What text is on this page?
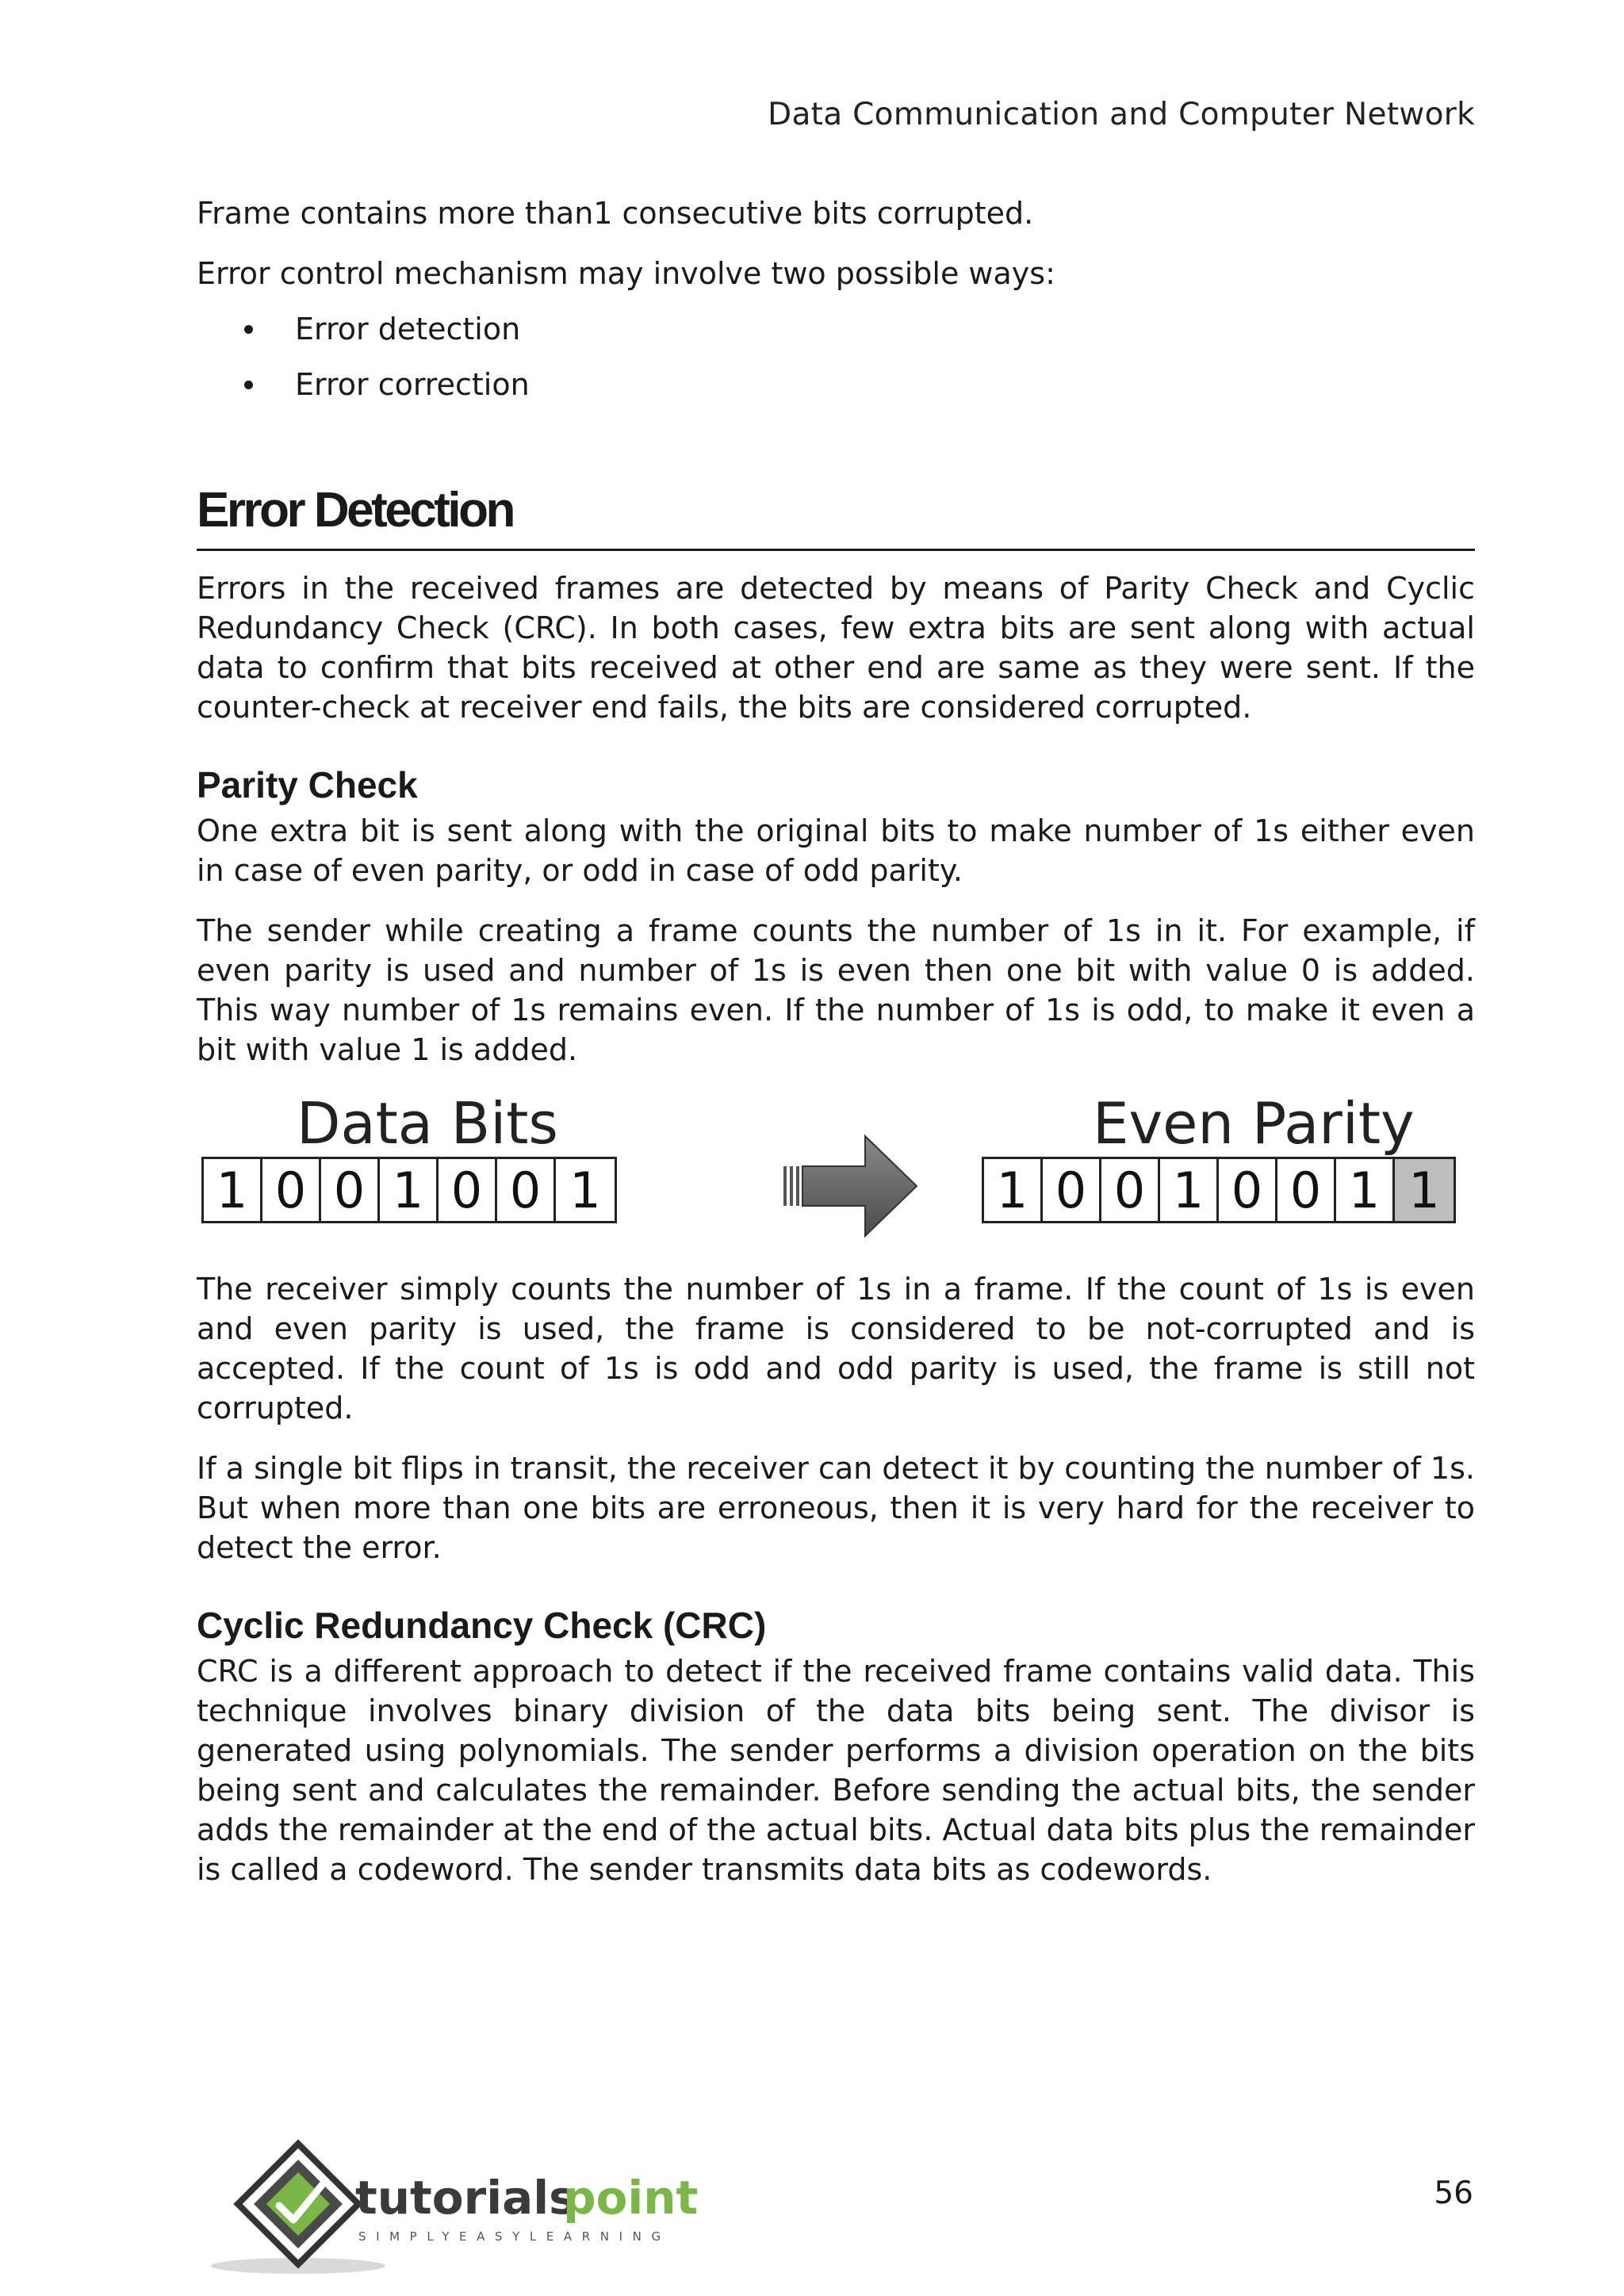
Data Communication and Computer Network

Frame contains more than1 consecutive bits corrupted.

Error control mechanism may involve two possible ways:

Error detection
Error correction
Error Detection

Errors in the received frames are detected by means of Parity Check and Cyclic Redundancy Check (CRC). In both cases, few extra bits are sent along with actual data to confirm that bits received at other end are same as they were sent. If the counter-check at receiver end fails, the bits are considered corrupted.

Parity Check

One extra bit is sent along with the original bits to make number of 1s either even in case of even parity, or odd in case of odd parity.

The sender while creating a frame counts the number of 1s in it. For example, if even parity is used and number of 1s is even then one bit with value 0 is added. This way number of 1s remains even. If the number of 1s is odd, to make it even a bit with value 1 is added.

Data Bits
1 0 0 1 0 0 1
Even Parity
1 0 0 1 0 0 1 1

The receiver simply counts the number of 1s in a frame. If the count of 1s is even and even parity is used, the frame is considered to be not-corrupted and is accepted. If the count of 1s is odd and odd parity is used, the frame is still not corrupted.

If a single bit flips in transit, the receiver can detect it by counting the number of 1s. But when more than one bits are erroneous, then it is very hard for the receiver to detect the error.

Cyclic Redundancy Check (CRC)

CRC is a different approach to detect if the received frame contains valid data. This technique involves binary division of the data bits being sent. The divisor is generated using polynomials. The sender performs a division operation on the bits being sent and calculates the remainder. Before sending the actual bits, the sender adds the remainder at the end of the actual bits. Actual data bits plus the remainder is called a codeword. The sender transmits data bits as codewords.

tutorials
point
SIMPLYEASYLEARNING
56
